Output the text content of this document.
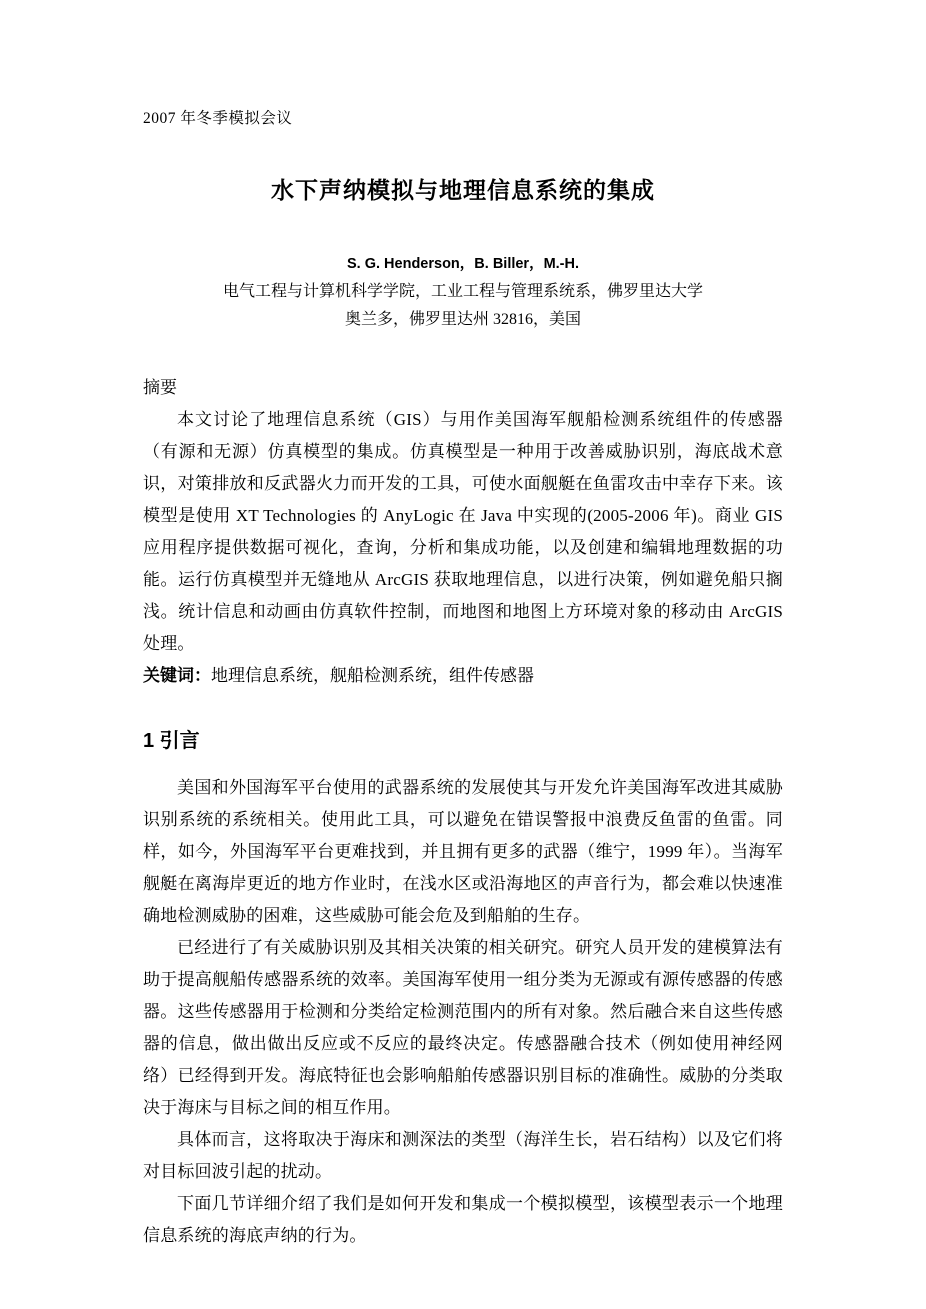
2007 年冬季模拟会议
水下声纳模拟与地理信息系统的集成
S. G. Henderson，B. Biller，M.-H.
电气工程与计算机科学学院，工业工程与管理系统系，佛罗里达大学
奥兰多，佛罗里达州 32816，美国
摘要

本文讨论了地理信息系统（GIS）与用作美国海军舰船检测系统组件的传感器（有源和无源）仿真模型的集成。仿真模型是一种用于改善威胁识别，海底战术意识，对策排放和反武器火力而开发的工具，可使水面舰艇在鱼雷攻击中幸存下来。该模型是使用 XT Technologies 的 AnyLogic 在 Java 中实现的(2005-2006 年)。商业 GIS 应用程序提供数据可视化，查询，分析和集成功能，以及创建和编辑地理数据的功能。运行仿真模型并无缝地从 ArcGIS 获取地理信息，以进行决策，例如避免船只搁浅。统计信息和动画由仿真软件控制，而地图和地图上方环境对象的移动由 ArcGIS 处理。

关键词：地理信息系统，舰船检测系统，组件传感器

1 引言

美国和外国海军平台使用的武器系统的发展使其与开发允许美国海军改进其威胁识别系统的系统相关。使用此工具，可以避免在错误警报中浪费反鱼雷的鱼雷。同样，如今，外国海军平台更难找到，并且拥有更多的武器（维宁，1999 年）。当海军舰艇在离海岸更近的地方作业时，在浅水区或沿海地区的声音行为，都会难以快速准确地检测威胁的困难，这些威胁可能会危及到船舶的生存。

已经进行了有关威胁识别及其相关决策的相关研究。研究人员开发的建模算法有助于提高舰船传感器系统的效率。美国海军使用一组分类为无源或有源传感器的传感器。这些传感器用于检测和分类给定检测范围内的所有对象。然后融合来自这些传感器的信息，做出做出反应或不反应的最终决定。传感器融合技术（例如使用神经网络）已经得到开发。海底特征也会影响船舶传感器识别目标的准确性。威胁的分类取决于海床与目标之间的相互作用。

具体而言，这将取决于海床和测深法的类型（海洋生长，岩石结构）以及它们将对目标回波引起的扰动。

下面几节详细介绍了我们是如何开发和集成一个模拟模型，该模型表示一个地理信息系统的海底声纳的行为。
